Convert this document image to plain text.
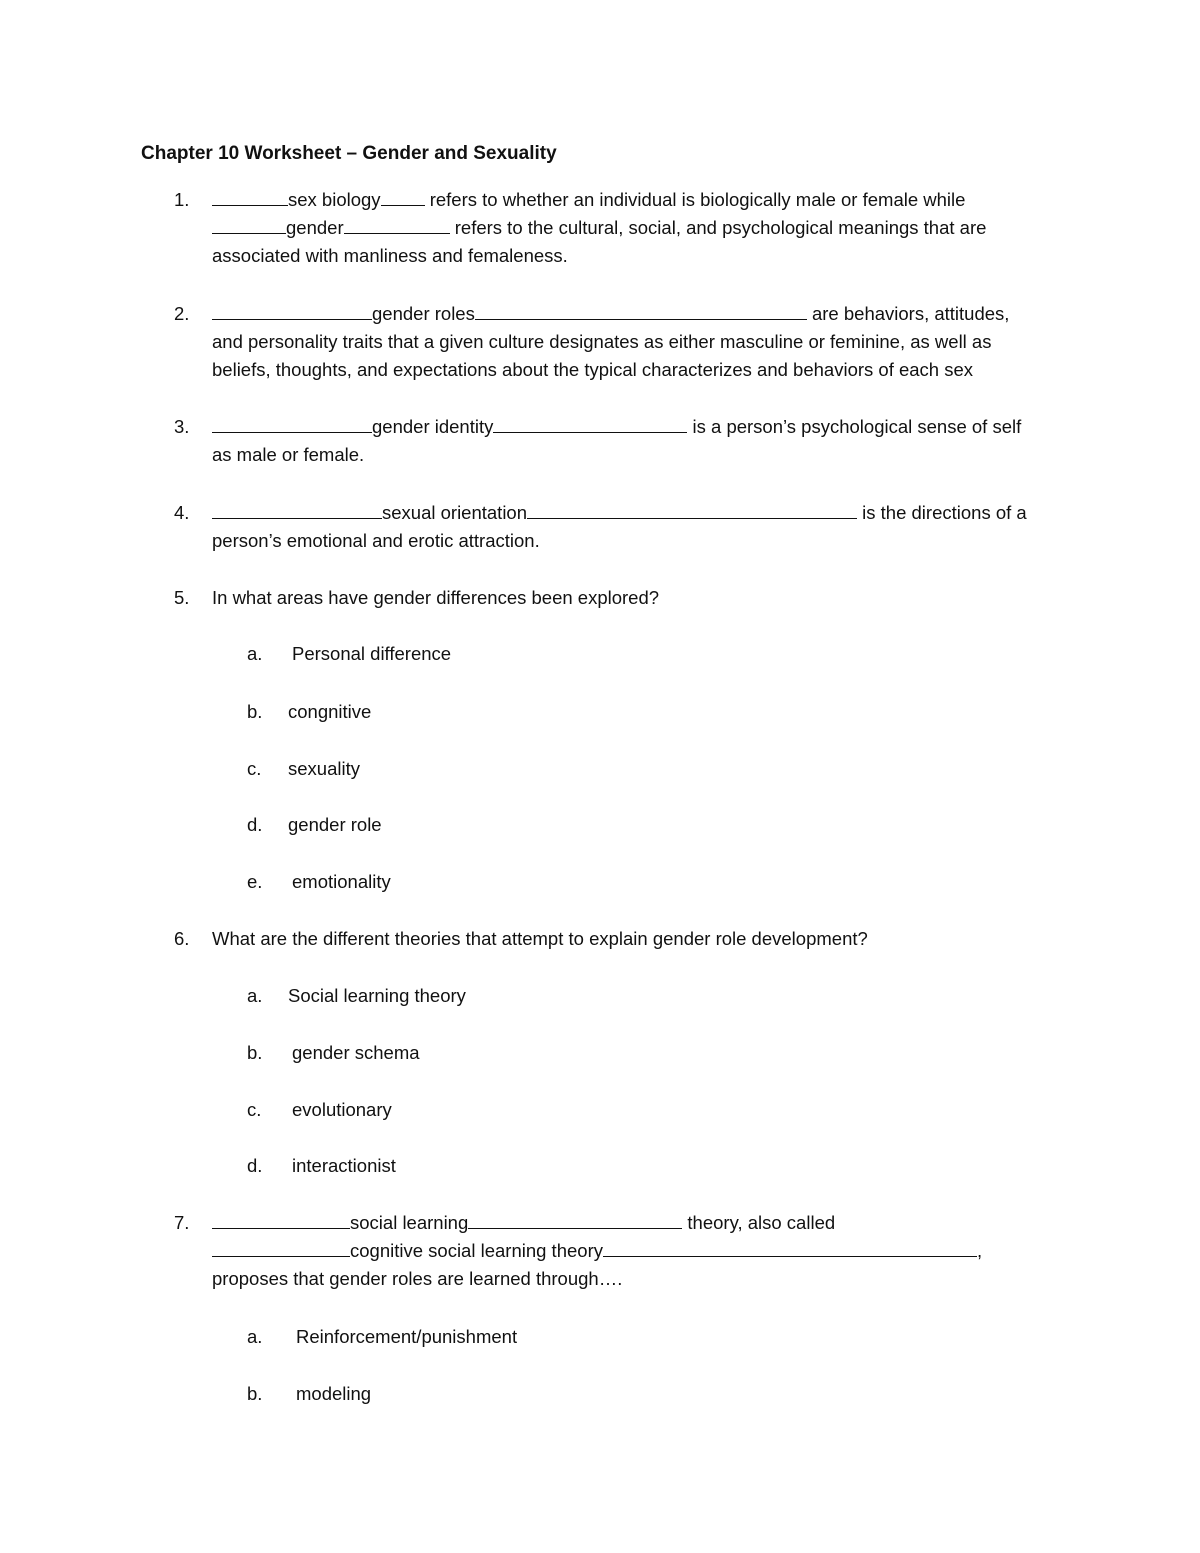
Chapter 10 Worksheet – Gender and Sexuality
1.	sex biology refers to whether an individual is biologically male or female while
gender	refers to the cultural, social, and psychological meanings that are
associated with manliness and femaleness.
2.	gender roles	are behaviors, attitudes,
and personality traits that a given culture designates as either masculine or feminine, as well as
beliefs, thoughts, and expectations about the typical characterizes and behaviors of each sex
3.	gender identity	is a person’s psychological sense of self
as male or female.
4.	sexual orientation	is the directions of a
person’s emotional and erotic attraction.
5. In what areas have gender differences been explored?
a. Personal difference
b. congnitive
c. sexuality
d. gender role
e. emotionality
6. What are the different theories that attempt to explain gender role development?
a. Social learning theory
b. gender schema
c. evolutionary
d. interactionist
7.	social learning	theory, also called
cognitive social learning theory	,
proposes that gender roles are learned through….
a. Reinforcement/punishment
b. modeling
